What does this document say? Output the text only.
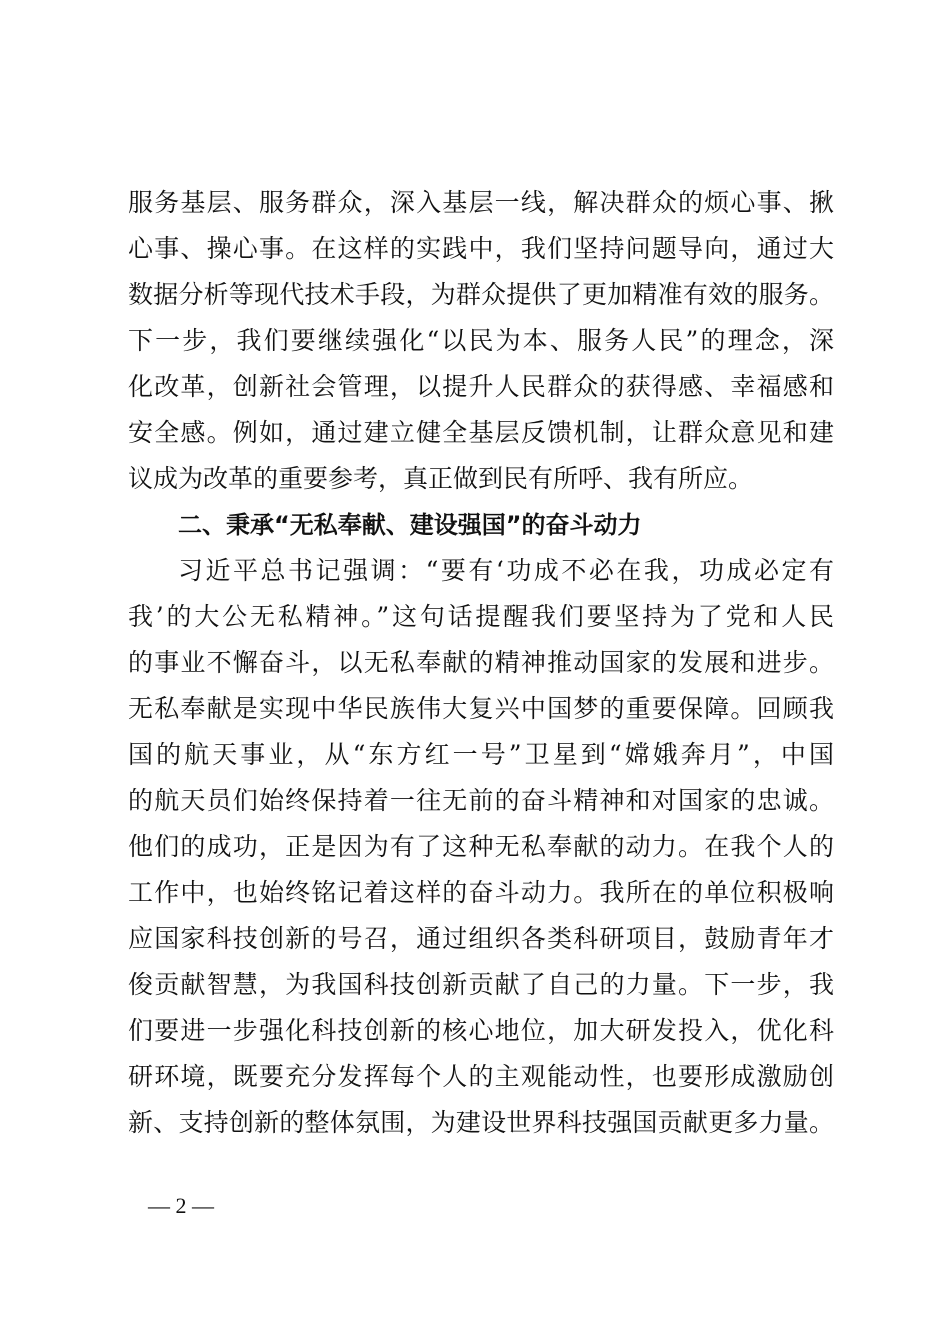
服务基层、服务群众，深入基层一线，解决群众的烦心事、揪
心事、操心事。在这样的实践中，我们坚持问题导向，通过大
数据分析等现代技术手段，为群众提供了更加精准有效的服务。
下一步，我们要继续强化“以民为本、服务人民”的理念，深
化改革，创新社会管理，以提升人民群众的获得感、幸福感和
安全感。例如，通过建立健全基层反馈机制，让群众意见和建
议成为改革的重要参考，真正做到民有所呼、我有所应。
二、秉承“无私奉献、建设强国”的奋斗动力
习近平总书记强调：“要有‘功成不必在我，功成必定有
我’的大公无私精神。”这句话提醒我们要坚持为了党和人民
的事业不懈奋斗，以无私奉献的精神推动国家的发展和进步。
无私奉献是实现中华民族伟大复兴中国梦的重要保障。回顾我
国的航天事业，从“东方红一号”卫星到“嫦娥奔月”，中国
的航天员们始终保持着一往无前的奋斗精神和对国家的忠诚。
他们的成功，正是因为有了这种无私奉献的动力。在我个人的
工作中，也始终铭记着这样的奋斗动力。我所在的单位积极响
应国家科技创新的号召，通过组织各类科研项目，鼓励青年才
俊贡献智慧，为我国科技创新贡献了自己的力量。下一步，我
们要进一步强化科技创新的核心地位，加大研发投入，优化科
研环境，既要充分发挥每个人的主观能动性，也要形成激励创
新、支持创新的整体氛围，为建设世界科技强国贡献更多力量。
— 2 —
